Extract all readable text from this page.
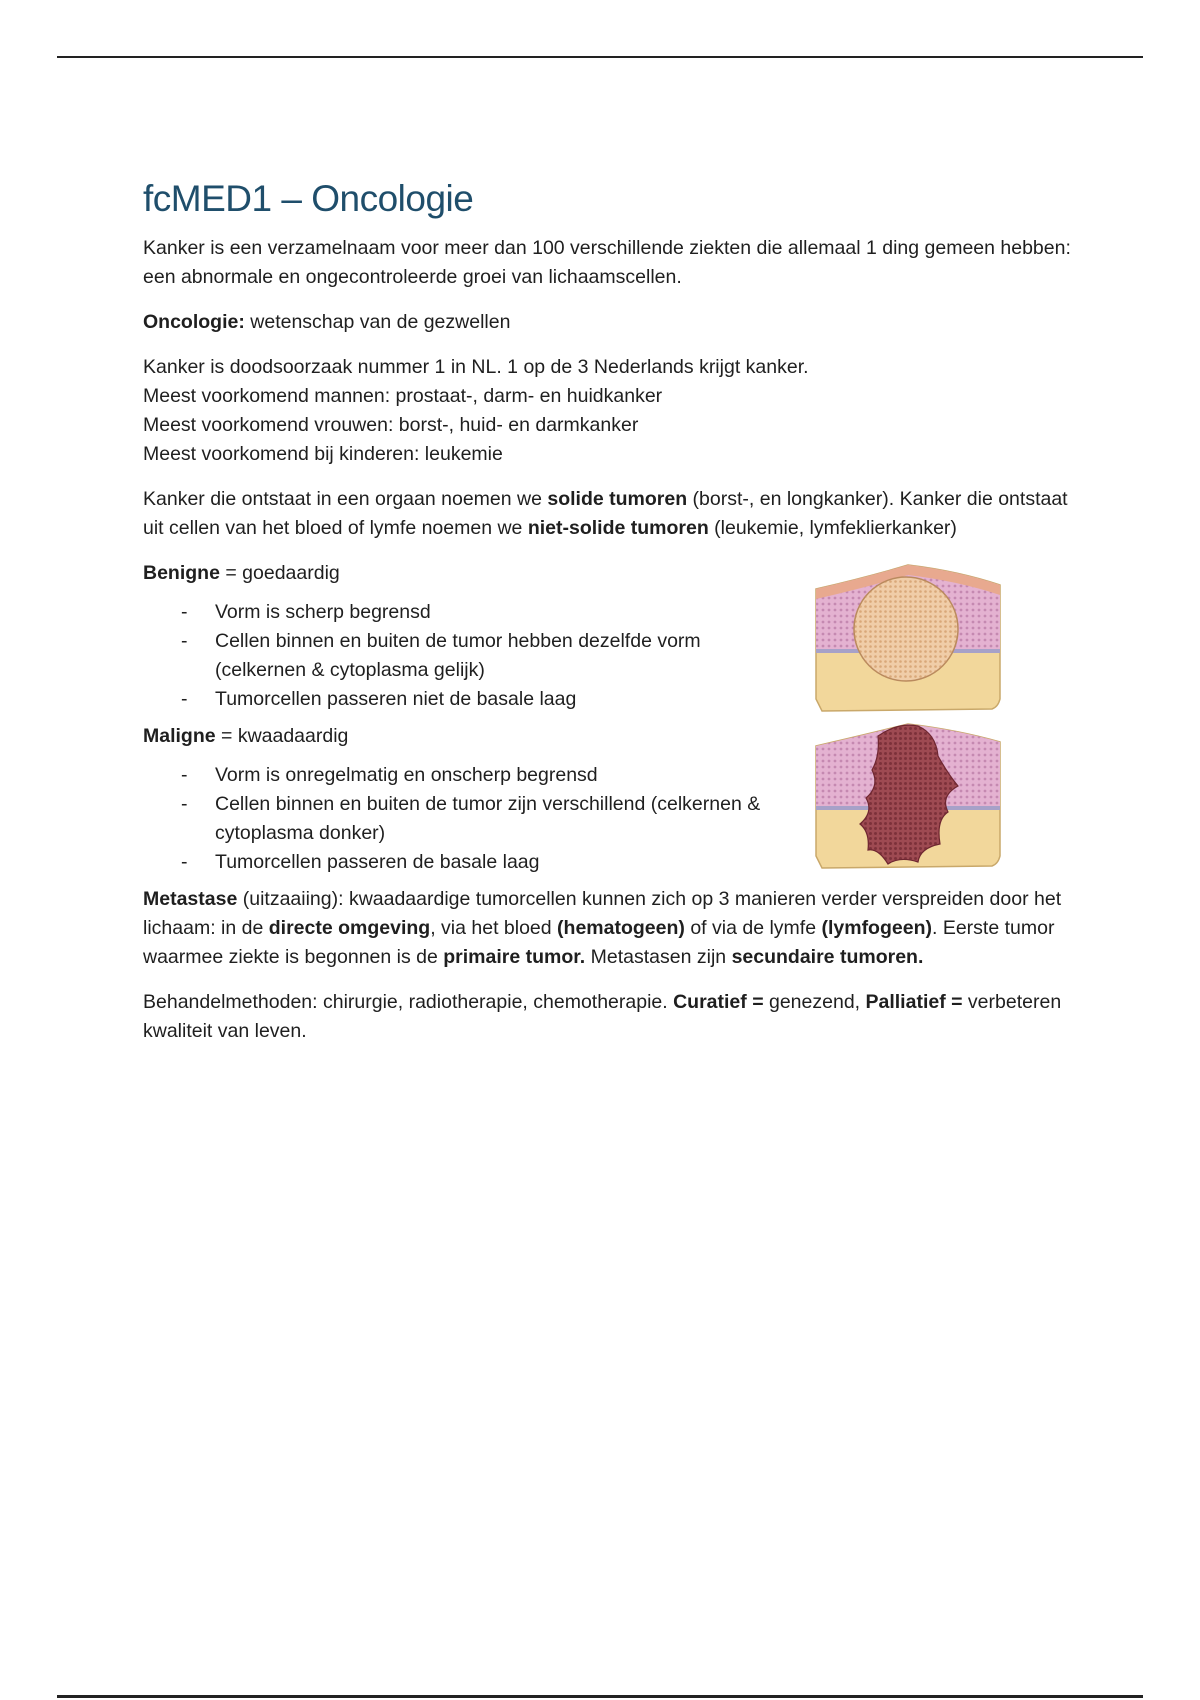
fcMED1 – Oncologie

Kanker is een verzamelnaam voor meer dan 100 verschillende ziekten die allemaal 1 ding gemeen hebben: een abnormale en ongecontroleerde groei van lichaamscellen.

Oncologie: wetenschap van de gezwellen

Kanker is doodsoorzaak nummer 1 in NL. 1 op de 3 Nederlands krijgt kanker.

Meest voorkomend mannen: prostaat-, darm- en huidkanker

Meest voorkomend vrouwen: borst-, huid- en darmkanker

Meest voorkomend bij kinderen: leukemie

Kanker die ontstaat in een orgaan noemen we solide tumoren (borst-, en longkanker). Kanker die ontstaat uit cellen van het bloed of lymfe noemen we niet-solide tumoren (leukemie, lymfeklierkanker)

Benigne = goedaardig

- Vorm is scherp begrensd
- Cellen binnen en buiten de tumor hebben dezelfde vorm (celkernen & cytoplasma gelijk)
- Tumorcellen passeren niet de basale laag

Maligne = kwaadaardig

- Vorm is onregelmatig en onscherp begrensd
- Cellen binnen en buiten de tumor zijn verschillend (celkernen & cytoplasma donker)
- Tumorcellen passeren de basale laag

Metastase (uitzaaiing): kwaadaardige tumorcellen kunnen zich op 3 manieren verder verspreiden door het lichaam: in de directe omgeving, via het bloed (hematogeen) of via de lymfe (lymfogeen). Eerste tumor waarmee ziekte is begonnen is de primaire tumor. Metastasen zijn secundaire tumoren.

Behandelmethoden: chirurgie, radiotherapie, chemotherapie. Curatief = genezend, Palliatief = verbeteren kwaliteit van leven.
